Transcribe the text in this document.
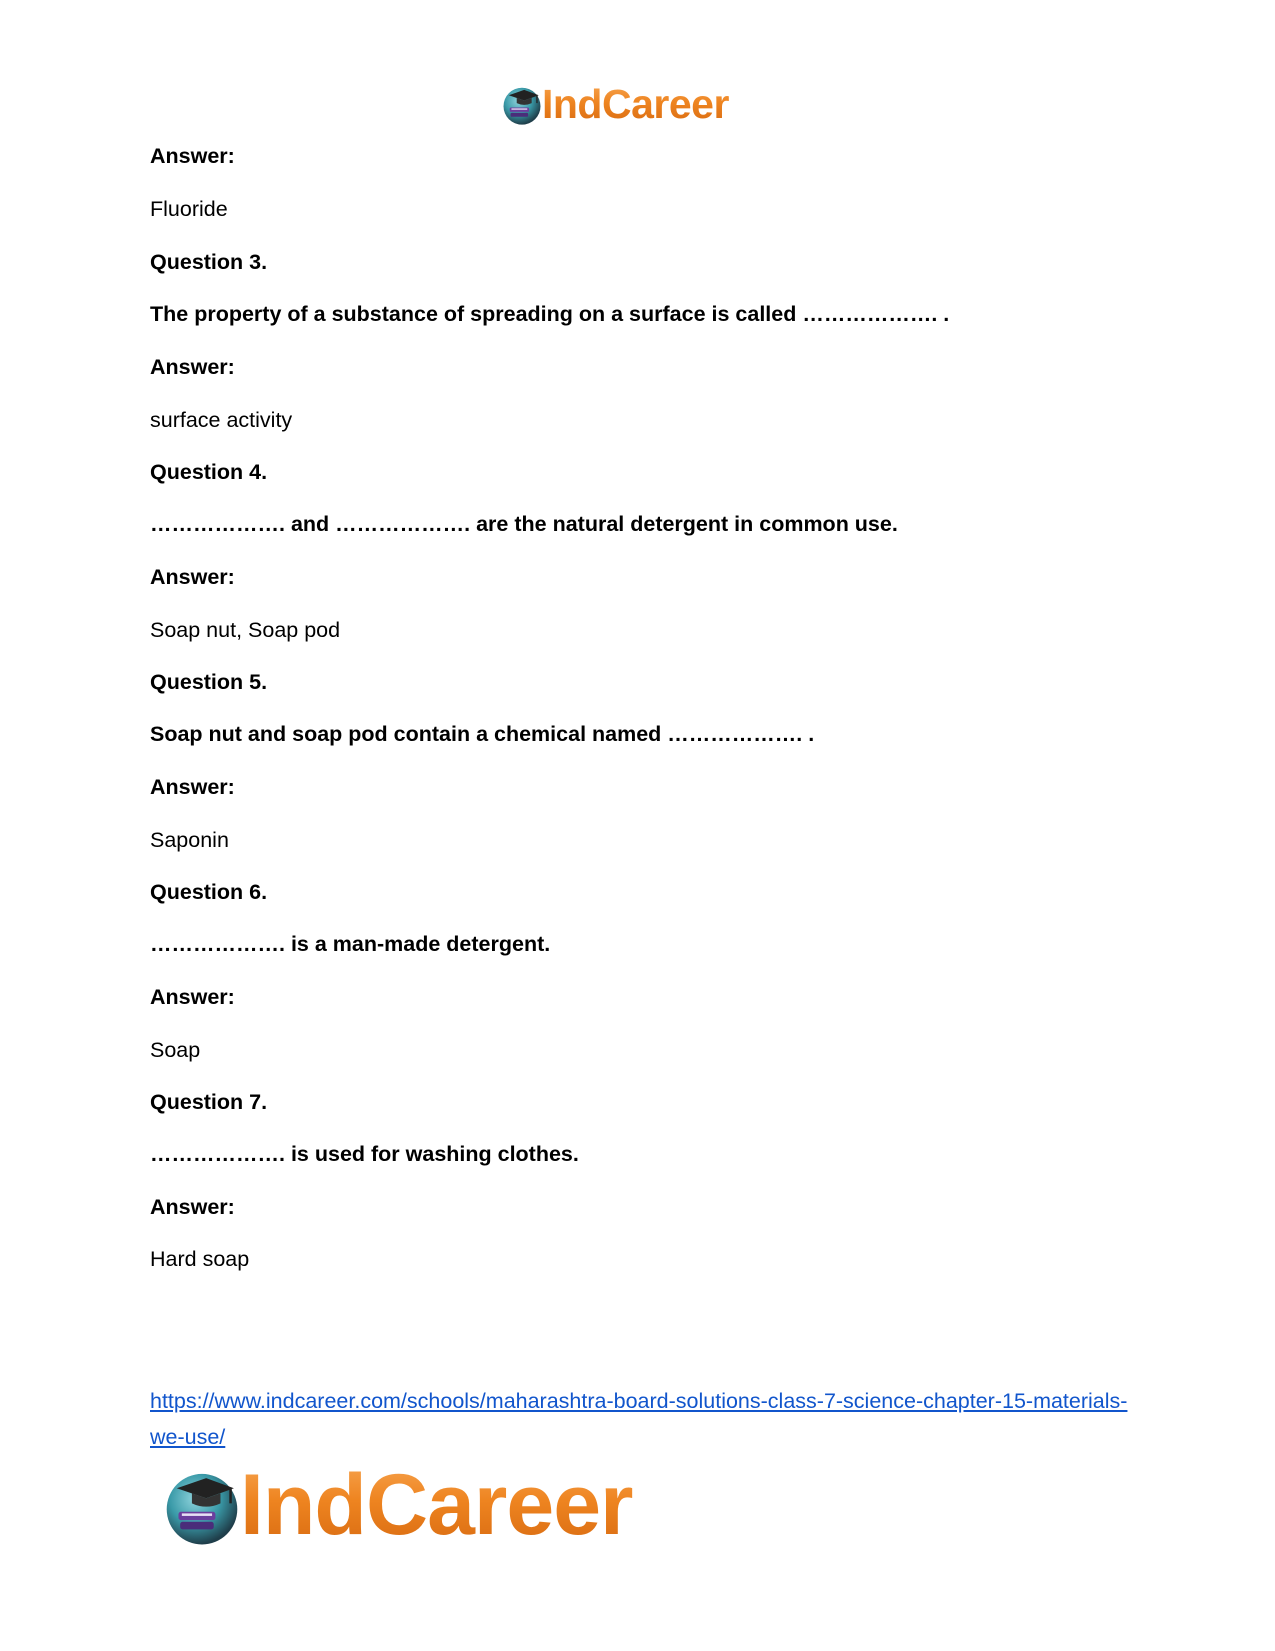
IndCareer
Answer:
Fluoride
Question 3.
The property of a substance of spreading on a surface is called ………………. .
Answer:
surface activity
Question 4.
………………. and ………………. are the natural detergent in common use.
Answer:
Soap nut, Soap pod
Question 5.
Soap nut and soap pod contain a chemical named ………………. .
Answer:
Saponin
Question 6.
………………. is a man-made detergent.
Answer:
Soap
Question 7.
………………. is used for washing clothes.
Answer:
Hard soap
https://www.indcareer.com/schools/maharashtra-board-solutions-class-7-science-chapter-15-materials-we-use/
IndCareer
